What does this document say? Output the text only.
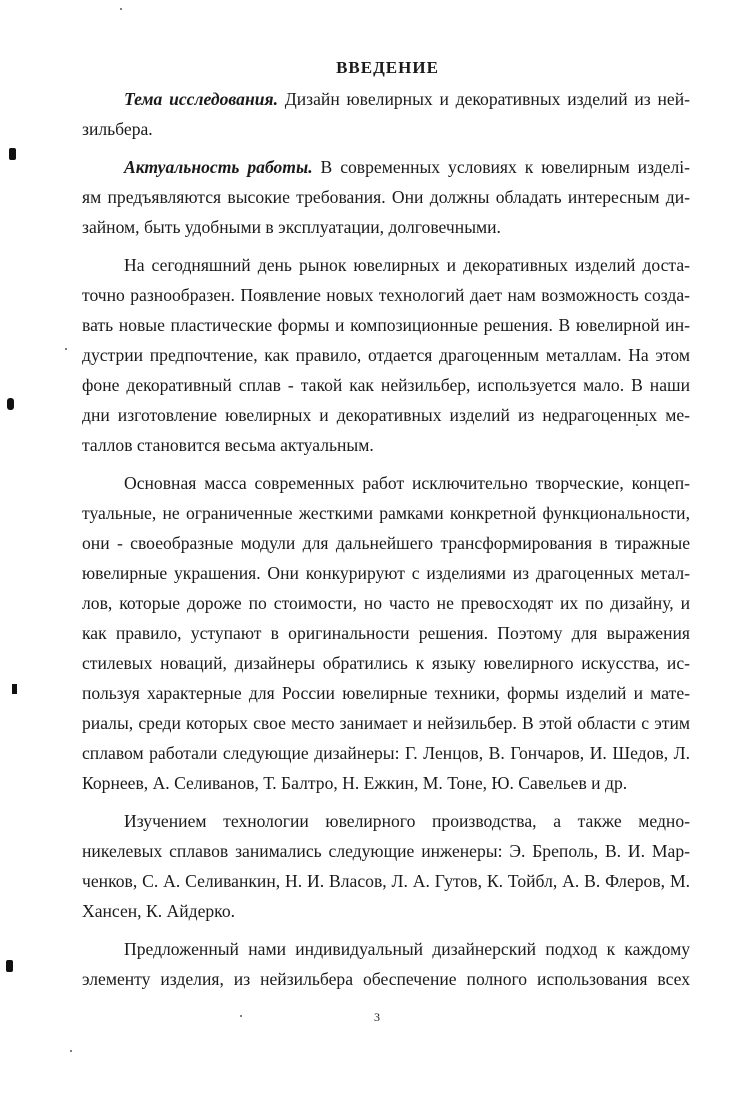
ВВЕДЕНИЕ
Тема исследования. Дизайн ювелирных и декоративных изделий из ней-
зильбера.
Актуальность работы. В современных условиях к ювелирным изделi-
ям предъявляются высокие требования. Они должны обладать интересным ди-
зайном, быть удобными в эксплуатации, долговечными.
На сегодняшний день рынок ювелирных и декоративных изделий доста-
точно разнообразен. Появление новых технологий дает нам возможность созда-
вать новые пластические формы и композиционные решения. В ювелирной ин-
дустрии предпочтение, как правило, отдается драгоценным металлам. На этом
фоне декоративный сплав - такой как нейзильбер, используется мало. В наши
дни изготовление ювелирных и декоративных изделий из недрагоценных ме-
таллов становится весьма актуальным.
Основная масса современных работ исключительно творческие, концеп-
туальные, не ограниченные жесткими рамками конкретной функциональности,
они - своеобразные модули для дальнейшего трансформирования в тиражные
ювелирные украшения. Они конкурируют с изделиями из драгоценных метал-
лов, которые дороже по стоимости, но часто не превосходят их по дизайну, и
как правило, уступают в оригинальности решения. Поэтому для выражения
стилевых новаций, дизайнеры обратились к языку ювелирного искусства, ис-
пользуя характерные для России ювелирные техники, формы изделий и мате-
риалы, среди которых свое место занимает и нейзильбер. В этой области с этим
сплавом работали следующие дизайнеры: Г. Ленцов, В. Гончаров, И. Шедов, Л.
Корнеев, А. Селиванов, Т. Балтро, Н. Ежкин, М. Тоне, Ю. Савельев и др.
Изучением технологии ювелирного производства, а также медно-
никелевых сплавов занимались следующие инженеры: Э. Бреполь, В. И. Мар-
ченков, С. А. Селиванкин, Н. И. Власов, Л. А. Гутов, К. Тойбл, А. В. Флеров, М.
Хансен, К. Айдерко.
Предложенный нами индивидуальный дизайнерский подход к каждому
элементу изделия, из нейзильбера обеспечение полного использования всех
3
